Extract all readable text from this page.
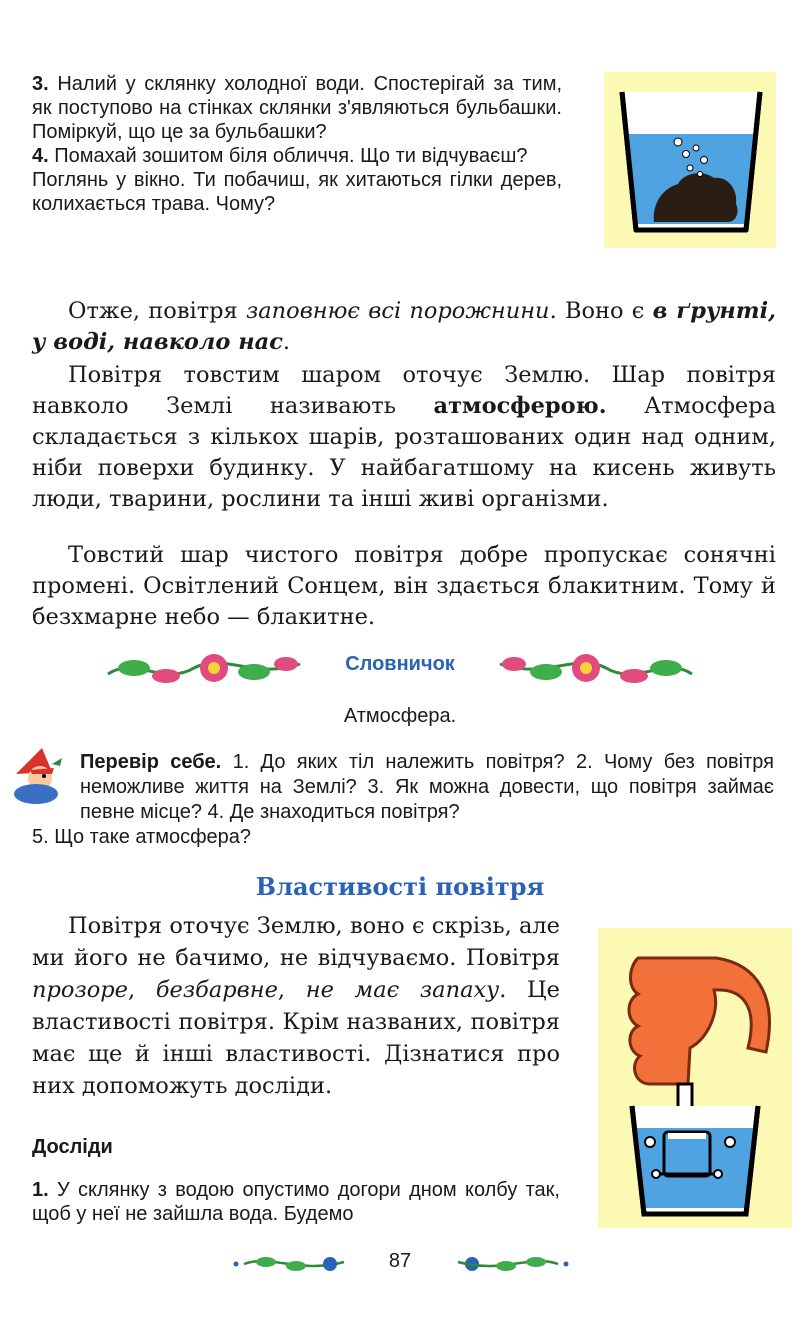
3. Налий у склянку холодної води. Спостерігай за тим, як поступово на стінках склянки з'являються бульбашки. Поміркуй, що це за бульбашки?

4. Помахай зошитом біля обличчя. Що ти відчуваєш?

Поглянь у вікно. Ти побачиш, як хитаються гілки дерев, колихається трава. Чому?

Отже, повітря заповнює всі порожнини. Воно є в ґрунті, у воді, навколо нас.

Повітря товстим шаром оточує Землю. Шар повітря навколо Землі називають атмосферою. Атмосфера складається з кількох шарів, розташованих один над одним, ніби поверхи будинку. У найбагатшому на кисень живуть люди, тварини, рослини та інші живі організми.

Товстий шар чистого повітря добре пропускає сонячні промені. Освітлений Сонцем, він здається блакитним. Тому й безхмарне небо — блакитне.

Словничок
Атмосфера.
Перевір себе. 1. До яких тіл належить повітря? 2. Чому без повітря неможливе життя на Землі? 3. Як можна довести, що повітря займає певне місце? 4. Де знаходиться повітря?
5. Що таке атмосфера?
Властивості повітря

Повітря оточує Землю, воно є скрізь, але ми його не бачимо, не відчуваємо. Повітря прозоре, безбарвне, не має запаху. Це властивості повітря. Крім названих, повітря має ще й інші властивості. Дізнатися про них допоможуть досліди.

Досліди
1. У склянку з водою опустимо догори дном колбу так, щоб у неї не зайшла вода. Будемо
87
